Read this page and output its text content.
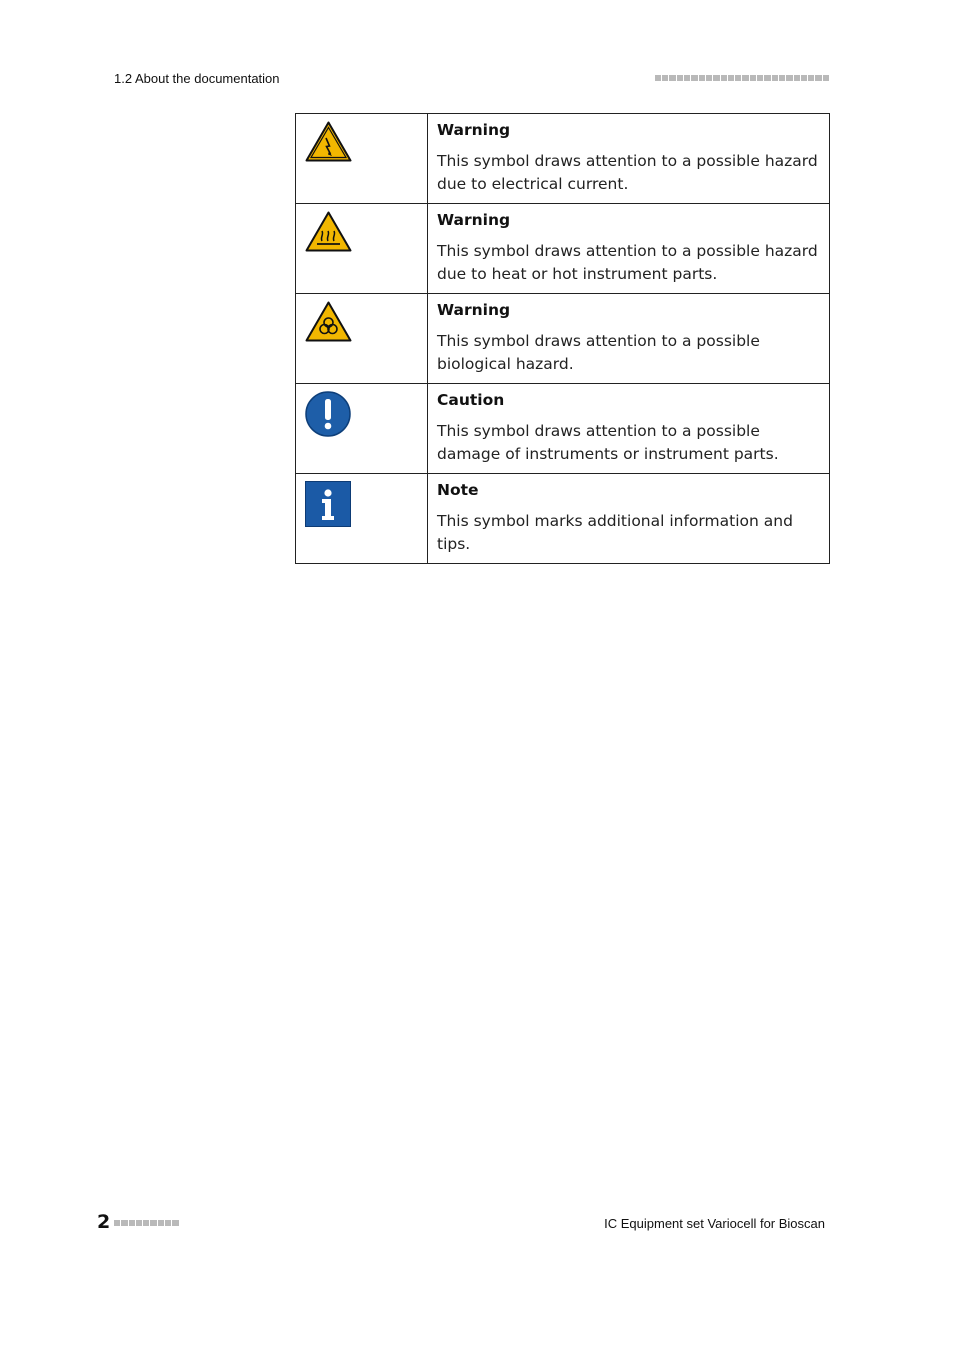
1.2 About the documentation

Warning
This symbol draws attention to a possible hazard due to electrical current.

Warning
This symbol draws attention to a possible hazard due to heat or hot instrument parts.

Warning
This symbol draws attention to a possible biological hazard.

Caution
This symbol draws attention to a possible damage of instruments or instrument parts.

Note
This symbol marks additional information and tips.
2	IC Equipment set Variocell for Bioscan
